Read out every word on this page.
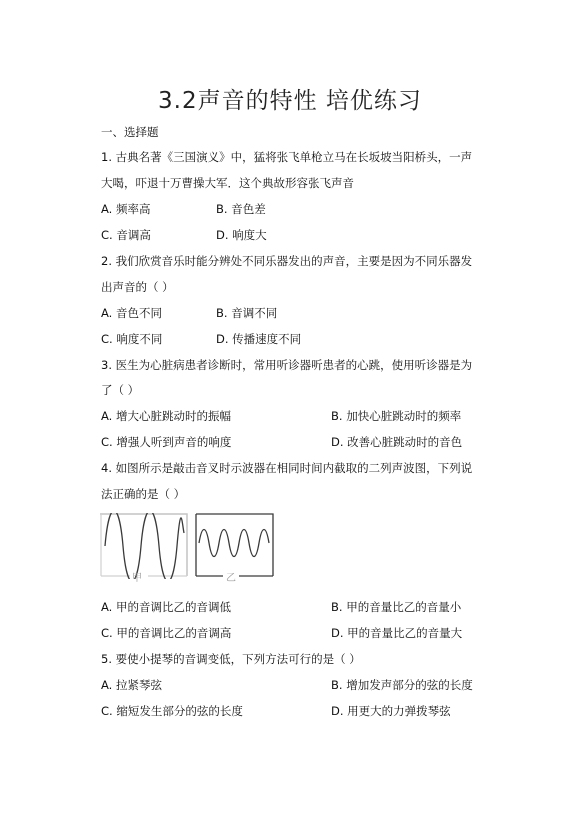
3.2声音的特性 培优练习
一、选择题
1. 古典名著《三国演义》中，猛将张飞单枪立马在长坂坡当阳桥头，一声
大喝，吓退十万曹操大军．这个典故形容张飞声音
A. 频率高	B. 音色差
C. 音调高	D. 响度大
2. 我们欣赏音乐时能分辨处不同乐器发出的声音，主要是因为不同乐器发
出声音的（ ）
A. 音色不同	B. 音调不同
C. 响度不同	D. 传播速度不同
3. 医生为心脏病患者诊断时，常用听诊器听患者的心跳，使用听诊器是为
了（ ）
A. 增大心脏跳动时的振幅	B. 加快心脏跳动时的频率
C. 增强人听到声音的响度	D. 改善心脏跳动时的音色
4. 如图所示是敲击音叉时示波器在相同时间内截取的二列声波图，下列说
法正确的是（ ）
甲	乙
A. 甲的音调比乙的音调低	B. 甲的音量比乙的音量小
C. 甲的音调比乙的音调高	D. 甲的音量比乙的音量大
5. 要使小提琴的音调变低，下列方法可行的是（ ）
A. 拉紧琴弦	B. 增加发声部分的弦的长度
C. 缩短发生部分的弦的长度	D. 用更大的力弹拨琴弦
